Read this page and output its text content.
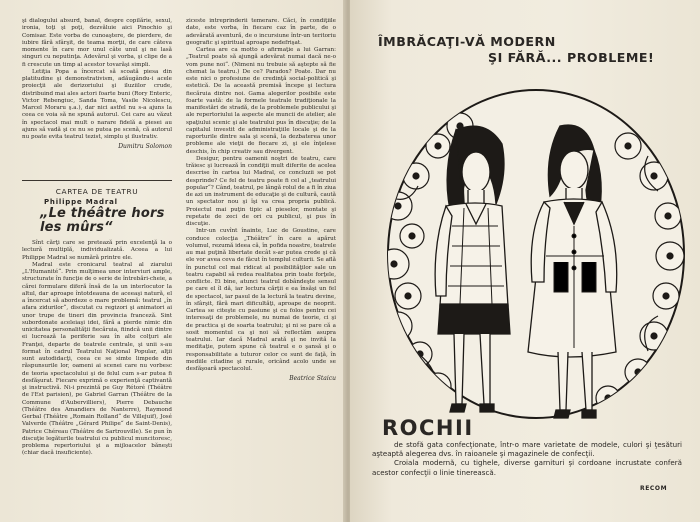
şi dialogului absurd, banal, despre copilărie, sexul, ironia, toţi şi poţi, dezvăluie aici Pinochio şi Comisar. Este vorba de cunoaştere, de pierdere, de iubire fără sfârşit, de teama morţii, de care câteva momente în care mor unul câte unul şi ne lasă singuri cu neputinţa. Adevărul şi vorba, şi clipe de a fi crescute un timp al acestor tovarăşi simpli.

Letiţia Popa a încercat să scoată piesa din platitudine şi demonstrativism, adăugându-i acele proiecţii ale derizoriului şi iluziilor crude, distribuind mai ales actori foarte buni (Rory Enteric, Victor Rebengiuc, Sanda Toma, Vasile Nicolescu, Marcel Moraru ş.a.), dar nici astfel nu s-a ajuns la ceea ce voia să ne spună autorul. Cei care au văzut în spectacol mai mult o narare fidelă a piesei au ajuns să vadă şi ce nu se putea pe scenă, că autorul nu poate evita teatrul tezist, simplu şi ilustrativ.

Dumitru Solomon

CARTEA DE TEATRU
Philippe Madral
„Le théâtre hors les mûrs“

Sînt cărţi care se pretează prin excelenţă la o lectură multiplă, individualizată. Aceea a lui Philippe Madral se numără printre ele.

Madral este cronicarul teatral al ziarului „L'Humanité“. Prin mulţimea unor interviuri ample, structurate în funcţie de o serie de întrebări-cheie, a cărei formulare diferă însă de la un interlocutor la altul, dar aproape întotdeauna de aceeaşi natură, el a încercat să abordeze o mare problemă: teatrul „în afara zidurilor“, discutat cu regizori şi animatori ai unor trupe de tineri din provincia franceză. Sint subordonate aceleiaşi idei, fără a pierde nimic din unicitatea personalităţii fiecăruia, fiindcă unii dintre ei lucrează la periferie sau în alte colţuri ale Franţei, departe de teatrele centrale, şi unii s-au format în cadrul Teatrului Naţional Popular, alţii sunt autodidacţi, ceea ce se simte limpede din răspunsurile lor, oameni ai scenei care nu vorbesc de teoria spectacolului şi de felul cum s-ar putea fi desfăşurat. Fiecare exprimă o experienţă captivantă şi instructivă. Ni-i prezintă pe Guy Rétoré (Théâtre de l'Est parisien), pe Gabriel Garran (Théâtre de la Commune d'Aubervilliers), Pierre Debauche (Théâtre des Amandiers de Nanterre), Raymond Gerbal (Théâtre „Romain Rolland“ de Villejuif), José Valverde (Théâtre „Gérard Philipe“ de Saint-Denis), Patrice Chéreau (Théâtre de Sartrouville). Se pun în discuţie legăturile teatrului cu publicul muncitoresc, problema repertoriului şi a mijloacelor băneşti (chiar dacă insuficiente).

ziceste intreprinderii temerare. Căci, în condiţiile date, este vorba, în fiecare caz în parte, de o adevărată aventură, de o incursiune într-un teritoriu geografic şi spiritual aproape nedefrişat.

Cartea are ca motto o afirmaţie a lui Garran: „Teatrul poate să ajungă adevărat numai dacă ne-o vom pune noi“. (Nimeni nu trebuie să aştepte să fie chemat la teatru.) De ce? Paradox? Poate. Dar nu este nici o profesiune de credinţă social-politică şi estetică. De la această premisă începe şi lectura fiecăruia dintre noi. Gama alegerilor posibile este foarte vastă: de la formele teatrale tradiţionale la manifestări de stradă, de la problemele publicului şi ale repertoriului la aspecte ale muncii de atelier, ale spaţiului scenic şi ale teatrului pus în discuţie; de la capitalul investit de administraţiile locale şi de la raporturile dintre sala şi scenă, la dezbaterea unor probleme ale vieţii de fiecare zi, şi ele înţelese deschis, în chip creativ sau divergent.

Desigur, pentru oamenii noştri de teatru, care trăiesc şi lucrează în condiţii mult diferite de acelea descrise în cartea lui Madral, ce concluzii se pot desprinde? Ce fel de teatru poate fi cel al „teatrului popular“? Când, teatrul, pe lângă rolul de a fi în ziua de azi un instrument de educaţie şi de cultură, caută un spectator nou şi îşi va crea propria publică. Proiectul mai puţin tipic al pieselor, montate şi repetate de zeci de ori cu publicul, şi pus în discuţie.

Intr-un cuvînt înainte, Luc de Goustine, care conduce colecţia „Théâtre“ în care a apărut volumul, rezumă ideea că, în pofida noastre, teatrele au mai puţină libertate decât s-ar putea crede şi că ele vor avea ceva de făcut în templul culturii. Se află în punctul cel mai ridicat al posibilităţilor sale un teatru capabil să redea realitatea prin toate forţele, conflicte. Ei bine, atunci teatrul dobândeşte sensul pe care el îl dă, iar lectura cărţii e ea însăşi un fel de spectacol, iar pasul de la lectură la teatru devine, în sfârşit, fără mari dificultăţi, aproape de neoprit. Cartea se citeşte cu pasiune şi cu folos pentru cei interesaţi de problemele, nu numai de teorie, ci şi de practica şi de soarta teatrului; şi ni se pare că a sosit momentul ca şi noi să reflectăm asupra teatrului. Iar dacă Madral arată şi ne invită la meditaţie, putem spune că teatrul e o şansă şi o responsabilitate a tuturor celor ce sunt de faţă, în mediile citadine şi rurale, oricând acolo unde se desfăşoară spectacolul.

Beatrice Staicu

ÎMBRĂCAŢI-VĂ MODERN
ŞI FĂRĂ... PROBLEME!
ROCHII

de stofă gata confecţionate, într-o mare varietate de modele, culori şi ţesături aşteaptă alegerea dvs. în raioanele şi magazinele de confecţii.

Croiala modernă, cu tighele, diverse garnituri şi cordoane incrustate conferă acestor confecţii o linie tinerească.

RECOM
